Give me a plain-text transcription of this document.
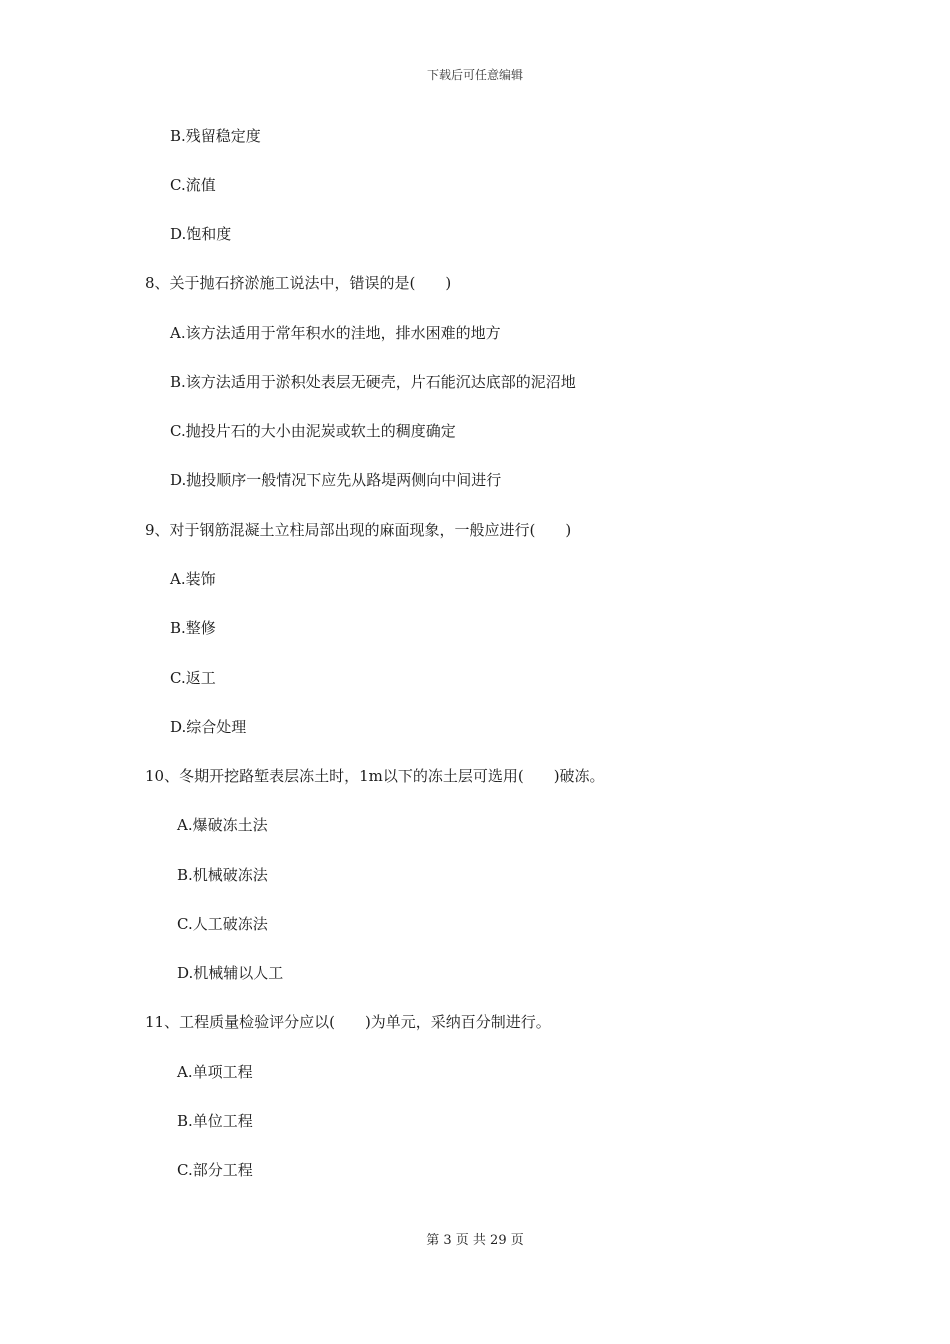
下载后可任意编辑
B.残留稳定度
C.流值
D.饱和度
8、关于抛石挤淤施工说法中，错误的是(　　)
A.该方法适用于常年积水的洼地，排水困难的地方
B.该方法适用于淤积处表层无硬壳，片石能沉达底部的泥沼地
C.抛投片石的大小由泥炭或软土的稠度确定
D.抛投顺序一般情况下应先从路堤两侧向中间进行
9、对于钢筋混凝土立柱局部出现的麻面现象，一般应进行(　　)
A.装饰
B.整修
C.返工
D.综合处理
10、冬期开挖路堑表层冻土时，1m以下的冻土层可选用(　　)破冻。
A.爆破冻土法
B.机械破冻法
C.人工破冻法
D.机械辅以人工
11、工程质量检验评分应以(　　)为单元，采纳百分制进行。
A.单项工程
B.单位工程
C.部分工程
第 3 页 共 29 页
